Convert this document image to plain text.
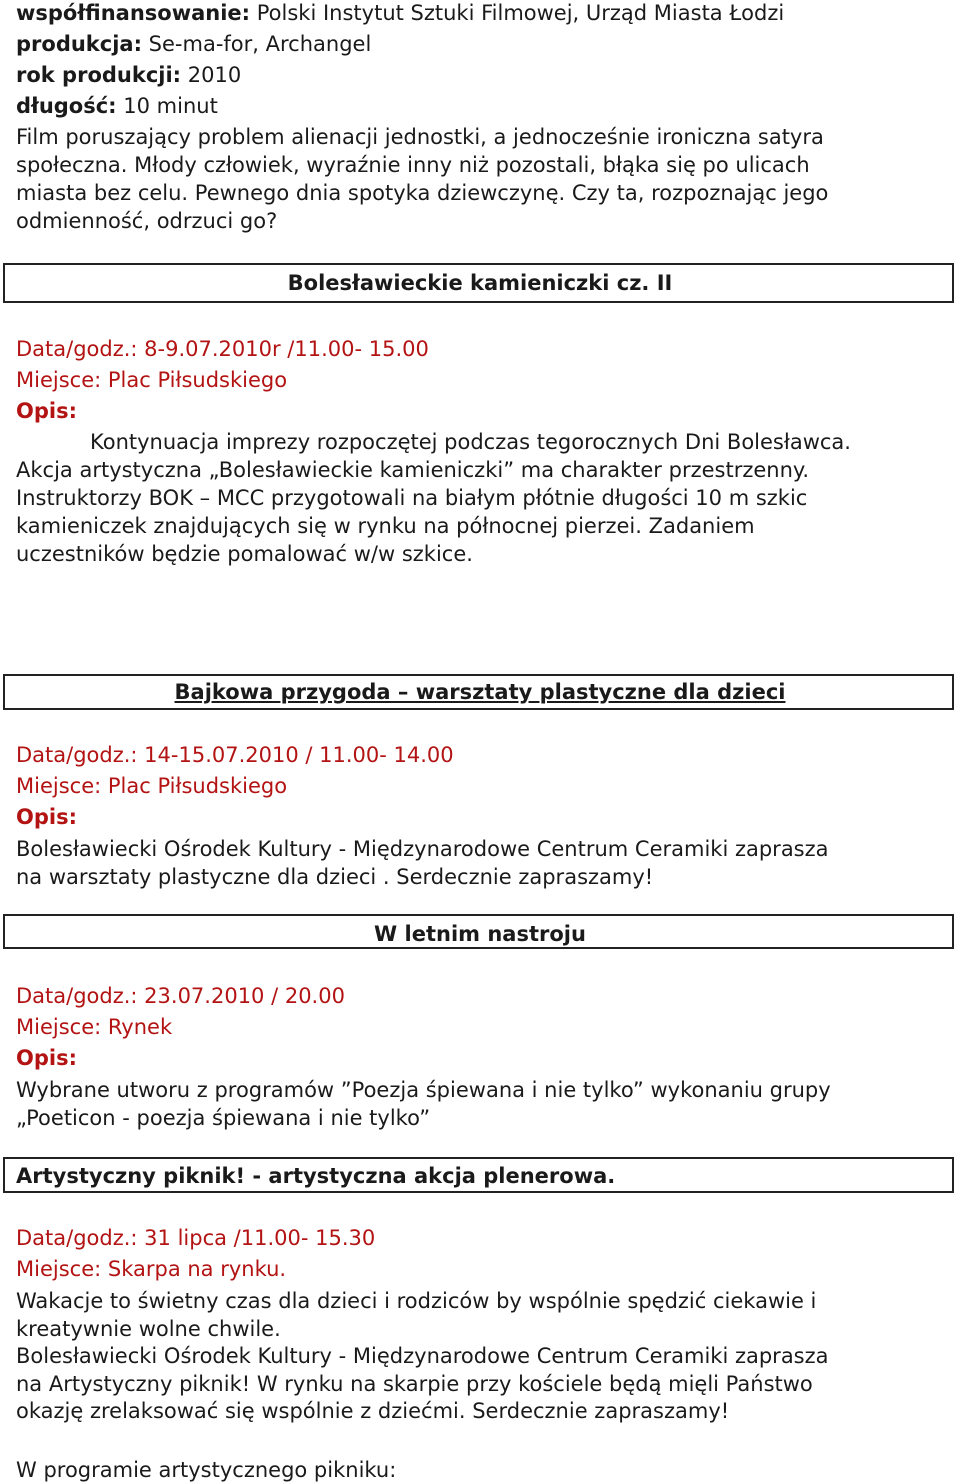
współfinansowanie: Polski Instytut Sztuki Filmowej, Urząd Miasta Łodzi
produkcja: Se-ma-for, Archangel
rok produkcji: 2010
długość: 10 minut
Film poruszający problem alienacji jednostki, a jednocześnie ironiczna satyra
społeczna. Młody człowiek, wyraźnie inny niż pozostali, błąka się po ulicach
miasta bez celu. Pewnego dnia spotyka dziewczynę. Czy ta, rozpoznając jego
odmienność, odrzuci go?
Bolesławieckie kamieniczki cz. II
Data/godz.: 8-9.07.2010r /11.00- 15.00
Miejsce: Plac Piłsudskiego
Opis:
Kontynuacja imprezy rozpoczętej podczas tegorocznych Dni Bolesławca.
Akcja artystyczna „Bolesławieckie kamieniczki” ma charakter przestrzenny.
Instruktorzy BOK – MCC przygotowali na białym płótnie długości 10 m szkic
kamieniczek znajdujących się w rynku na północnej pierzei. Zadaniem
uczestników będzie pomalować w/w szkice.
Bajkowa przygoda – warsztaty plastyczne dla dzieci
Data/godz.: 14-15.07.2010 / 11.00- 14.00
Miejsce: Plac Piłsudskiego
Opis:
Bolesławiecki Ośrodek Kultury - Międzynarodowe Centrum Ceramiki zaprasza
na warsztaty plastyczne dla dzieci . Serdecznie zapraszamy!
W letnim nastroju
Data/godz.: 23.07.2010 / 20.00
Miejsce: Rynek
Opis:
Wybrane utworu z programów ”Poezja śpiewana i nie tylko” wykonaniu grupy
„Poeticon - poezja śpiewana i nie tylko”
Artystyczny piknik! - artystyczna akcja plenerowa.
Data/godz.: 31 lipca /11.00- 15.30
Miejsce: Skarpa na rynku.
Wakacje to świetny czas dla dzieci i rodziców by wspólnie spędzić ciekawie i
kreatywnie wolne chwile.
Bolesławiecki Ośrodek Kultury - Międzynarodowe Centrum Ceramiki zaprasza
na Artystyczny piknik! W rynku na skarpie przy kościele będą mięli Państwo
okazję zrelaksować się wspólnie z dziećmi. Serdecznie zapraszamy!
W programie artystycznego pikniku:
